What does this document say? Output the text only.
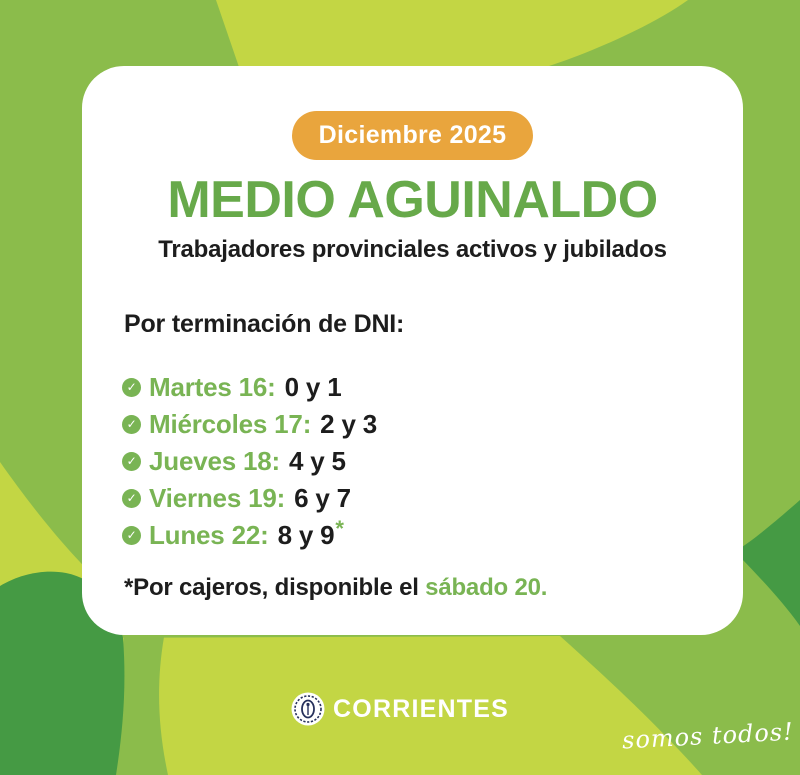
Diciembre 2025
MEDIO AGUINALDO
Trabajadores provinciales activos y jubilados
Por terminación de DNI:
✓ Martes 16: 0 y 1
✓ Miércoles 17: 2 y 3
✓ Jueves 18: 4 y 5
✓ Viernes 19: 6 y 7
✓ Lunes 22: 8 y 9 *
*Por cajeros, disponible el sábado 20.
CORRIENTES
somos todos!
